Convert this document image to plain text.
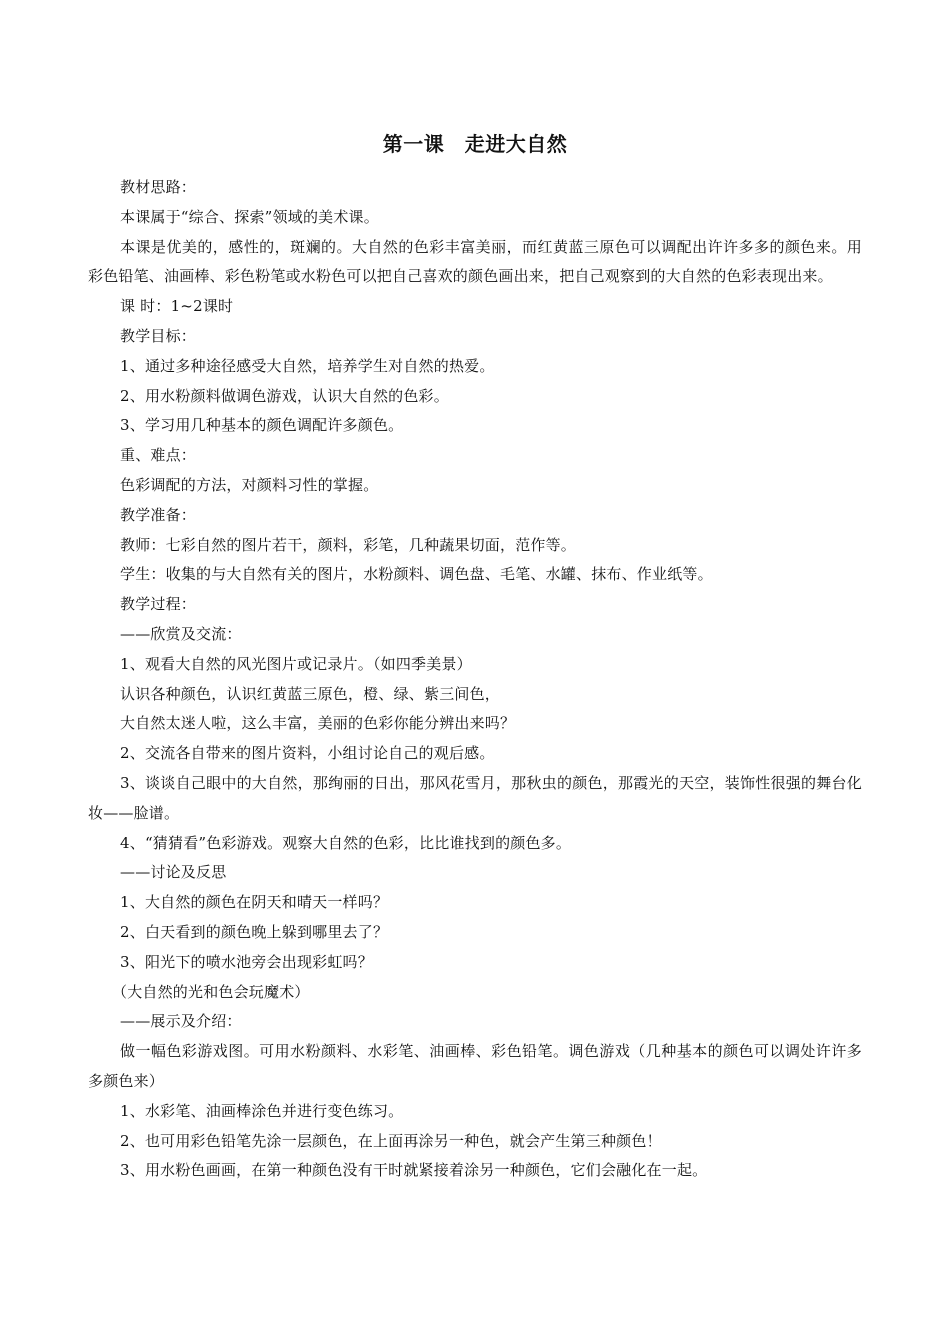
第一课　走进大自然

教材思路：

本课属于“综合、探索”领域的美术课。

本课是优美的，感性的，斑斓的。大自然的色彩丰富美丽，而红黄蓝三原色可以调配出许许多多的颜色来。用彩色铅笔、油画棒、彩色粉笔或水粉色可以把自己喜欢的颜色画出来，把自己观察到的大自然的色彩表现出来。

课 时：1~2课时

教学目标：

1、通过多种途径感受大自然，培养学生对自然的热爱。

2、用水粉颜料做调色游戏，认识大自然的色彩。

3、学习用几种基本的颜色调配许多颜色。

重、难点：

色彩调配的方法，对颜料习性的掌握。

教学准备：

教师：七彩自然的图片若干，颜料，彩笔，几种蔬果切面，范作等。

学生：收集的与大自然有关的图片，水粉颜料、调色盘、毛笔、水罐、抹布、作业纸等。

教学过程：

——欣赏及交流：

1、观看大自然的风光图片或记录片。（如四季美景）

认识各种颜色，认识红黄蓝三原色，橙、绿、紫三间色，

大自然太迷人啦，这么丰富，美丽的色彩你能分辨出来吗？

2、交流各自带来的图片资料，小组讨论自己的观后感。

3、谈谈自己眼中的大自然，那绚丽的日出，那风花雪月，那秋虫的颜色，那霞光的天空，装饰性很强的舞台化妆——脸谱。

4、“猜猜看”色彩游戏。观察大自然的色彩，比比谁找到的颜色多。

——讨论及反思

1、大自然的颜色在阴天和晴天一样吗？

2、白天看到的颜色晚上躲到哪里去了？

3、阳光下的喷水池旁会出现彩虹吗？

（大自然的光和色会玩魔术）

——展示及介绍：

做一幅色彩游戏图。可用水粉颜料、水彩笔、油画棒、彩色铅笔。调色游戏（几种基本的颜色可以调处许许多多颜色来）

1、水彩笔、油画棒涂色并进行变色练习。

2、也可用彩色铅笔先涂一层颜色，在上面再涂另一种色，就会产生第三种颜色！

3、用水粉色画画，在第一种颜色没有干时就紧接着涂另一种颜色，它们会融化在一起。
